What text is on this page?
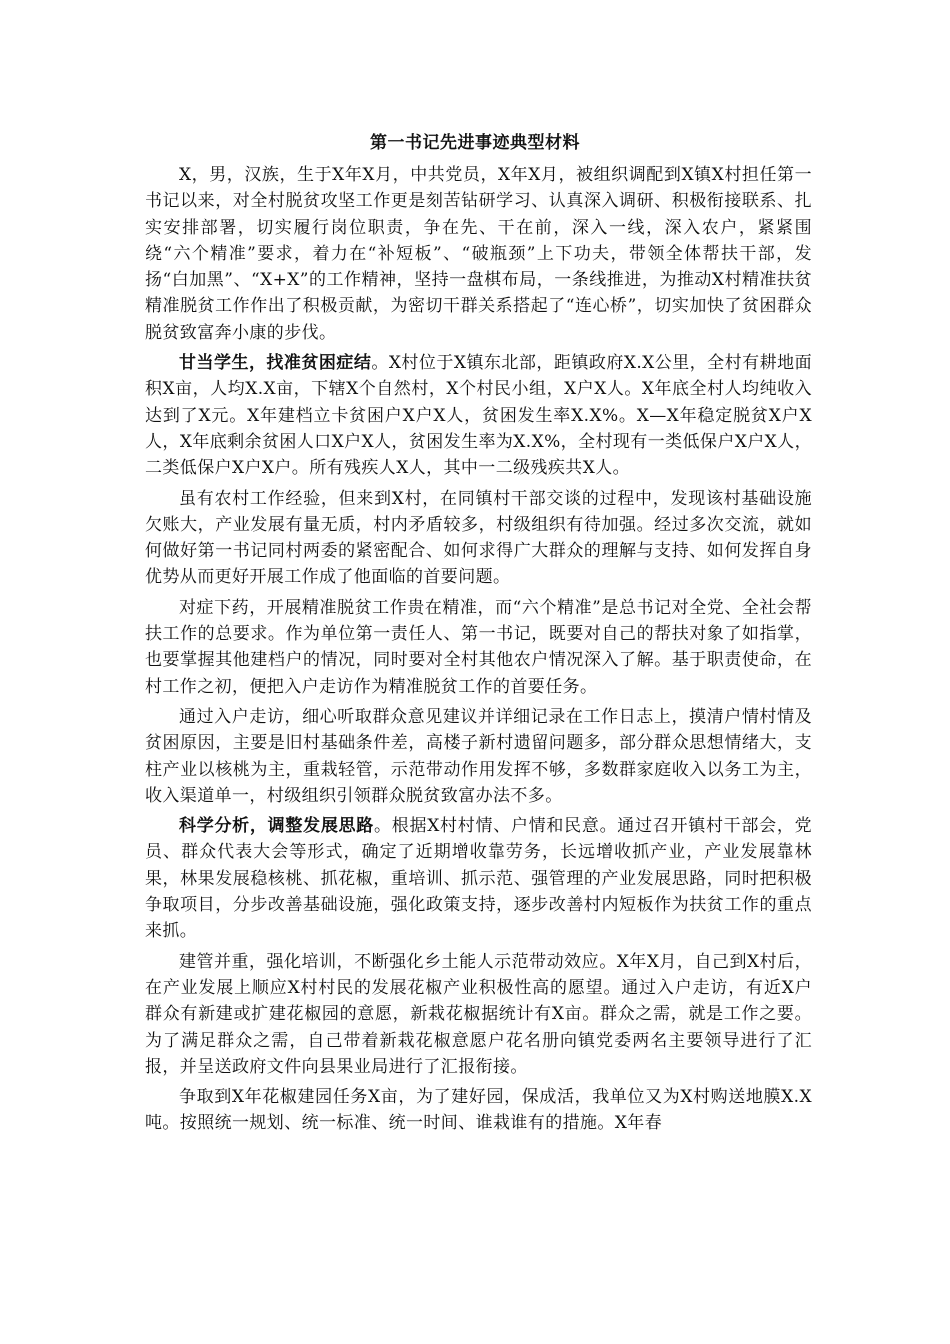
第一书记先进事迹典型材料

X，男，汉族，生于X年X月，中共党员，X年X月，被组织调配到X镇X村担任第一书记以来，对全村脱贫攻坚工作更是刻苦钻研学习、认真深入调研、积极衔接联系、扎实安排部署，切实履行岗位职责，争在先、干在前，深入一线，深入农户，紧紧围绕“六个精准”要求，着力在“补短板”、“破瓶颈”上下功夫，带领全体帮扶干部，发扬“白加黑”、“X+X”的工作精神，坚持一盘棋布局，一条线推进，为推动X村精准扶贫精准脱贫工作作出了积极贡献，为密切干群关系搭起了“连心桥”，切实加快了贫困群众脱贫致富奔小康的步伐。

甘当学生，找准贫困症结。X村位于X镇东北部，距镇政府X.X公里，全村有耕地面积X亩，人均X.X亩，下辖X个自然村，X个村民小组，X户X人。X年底全村人均纯收入达到了X元。X年建档立卡贫困户X户X人，贫困发生率X.X%。X—X年稳定脱贫X户X人，X年底剩余贫困人口X户X人，贫困发生率为X.X%，全村现有一类低保户X户X人，二类低保户X户X户。所有残疾人X人，其中一二级残疾共X人。

虽有农村工作经验，但来到X村，在同镇村干部交谈的过程中，发现该村基础设施欠账大，产业发展有量无质，村内矛盾较多，村级组织有待加强。经过多次交流，就如何做好第一书记同村两委的紧密配合、如何求得广大群众的理解与支持、如何发挥自身优势从而更好开展工作成了他面临的首要问题。

对症下药，开展精准脱贫工作贵在精准，而“六个精准”是总书记对全党、全社会帮扶工作的总要求。作为单位第一责任人、第一书记，既要对自己的帮扶对象了如指掌，也要掌握其他建档户的情况，同时要对全村其他农户情况深入了解。基于职责使命，在村工作之初，便把入户走访作为精准脱贫工作的首要任务。

通过入户走访，细心听取群众意见建议并详细记录在工作日志上，摸清户情村情及贫困原因，主要是旧村基础条件差，高楼子新村遗留问题多，部分群众思想情绪大，支柱产业以核桃为主，重栽轻管，示范带动作用发挥不够，多数群家庭收入以务工为主，收入渠道单一，村级组织引领群众脱贫致富办法不多。

科学分析，调整发展思路。根据X村村情、户情和民意。通过召开镇村干部会，党员、群众代表大会等形式，确定了近期增收靠劳务，长远增收抓产业，产业发展靠林果，林果发展稳核桃、抓花椒，重培训、抓示范、强管理的产业发展思路，同时把积极争取项目，分步改善基础设施，强化政策支持，逐步改善村内短板作为扶贫工作的重点来抓。

建管并重，强化培训，不断强化乡土能人示范带动效应。X年X月，自己到X村后，在产业发展上顺应X村村民的发展花椒产业积极性高的愿望。通过入户走访，有近X户群众有新建或扩建花椒园的意愿，新栽花椒据统计有X亩。群众之需，就是工作之要。为了满足群众之需，自己带着新栽花椒意愿户花名册向镇党委两名主要领导进行了汇报，并呈送政府文件向县果业局进行了汇报衔接。

争取到X年花椒建园任务X亩，为了建好园，保成活，我单位又为X村购送地膜X.X吨。按照统一规划、统一标准、统一时间、谁栽谁有的措施。X年春
